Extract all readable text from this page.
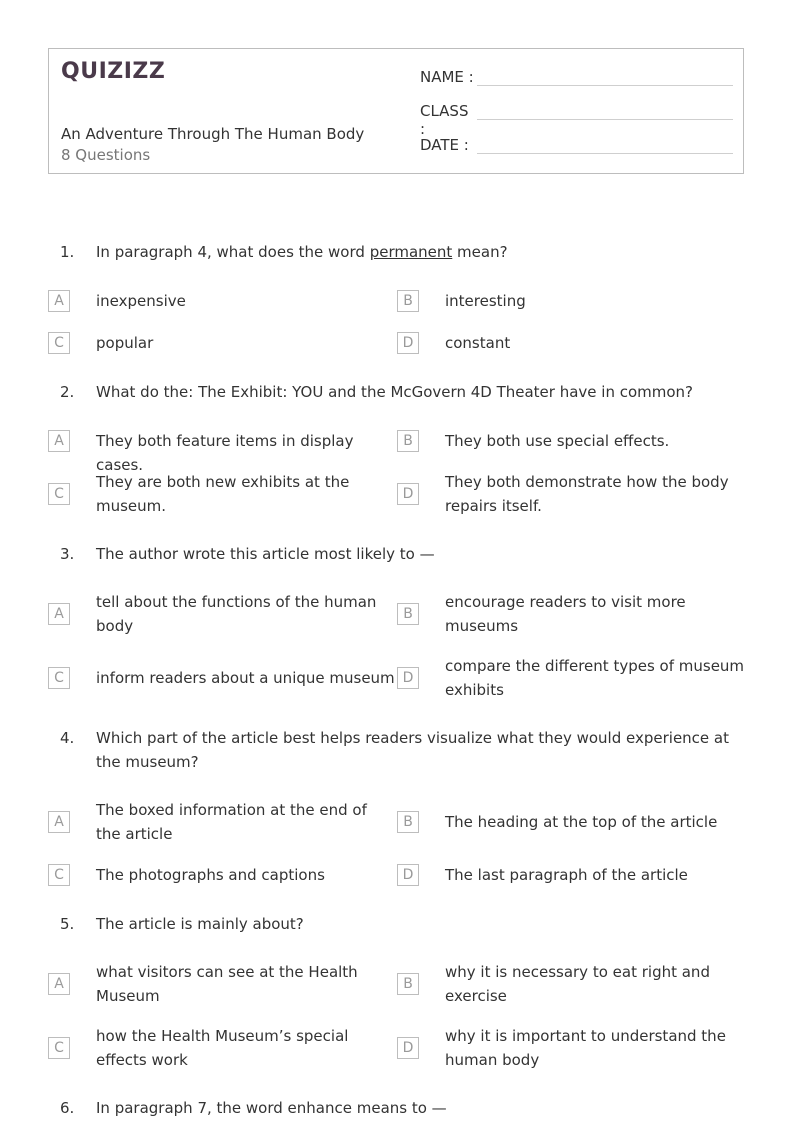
QUIZIZZ
An Adventure Through The Human Body
8 Questions
NAME :
CLASS :
DATE :
1.	In paragraph 4, what does the word permanent mean?
A	inexpensive	B	interesting
C	popular	D	constant
2.	What do the: The Exhibit: YOU and the McGovern 4D Theater have in common?
A	They both feature items in display cases.
B	They both use special effects.
C
They are both new exhibits at the museum.
D
They both demonstrate how the body repairs itself.
3.	The author wrote this article most likely to —
A
tell about the functions of the human body
B
encourage readers to visit more museums
C	inform readers about a unique museum D
compare the different types of museum exhibits
4.	Which part of the article best helps readers visualize what they would experience at the museum?
A
The boxed information at the end of the article
B	The heading at the top of the article
C	The photographs and captions	D	The last paragraph of the article
5.	The article is mainly about?
A
what visitors can see at the Health Museum
B
why it is necessary to eat right and exercise
C
how the Health Museum’s special effects work
D
why it is important to understand the human body
6.	In paragraph 7, the word enhance means to —
